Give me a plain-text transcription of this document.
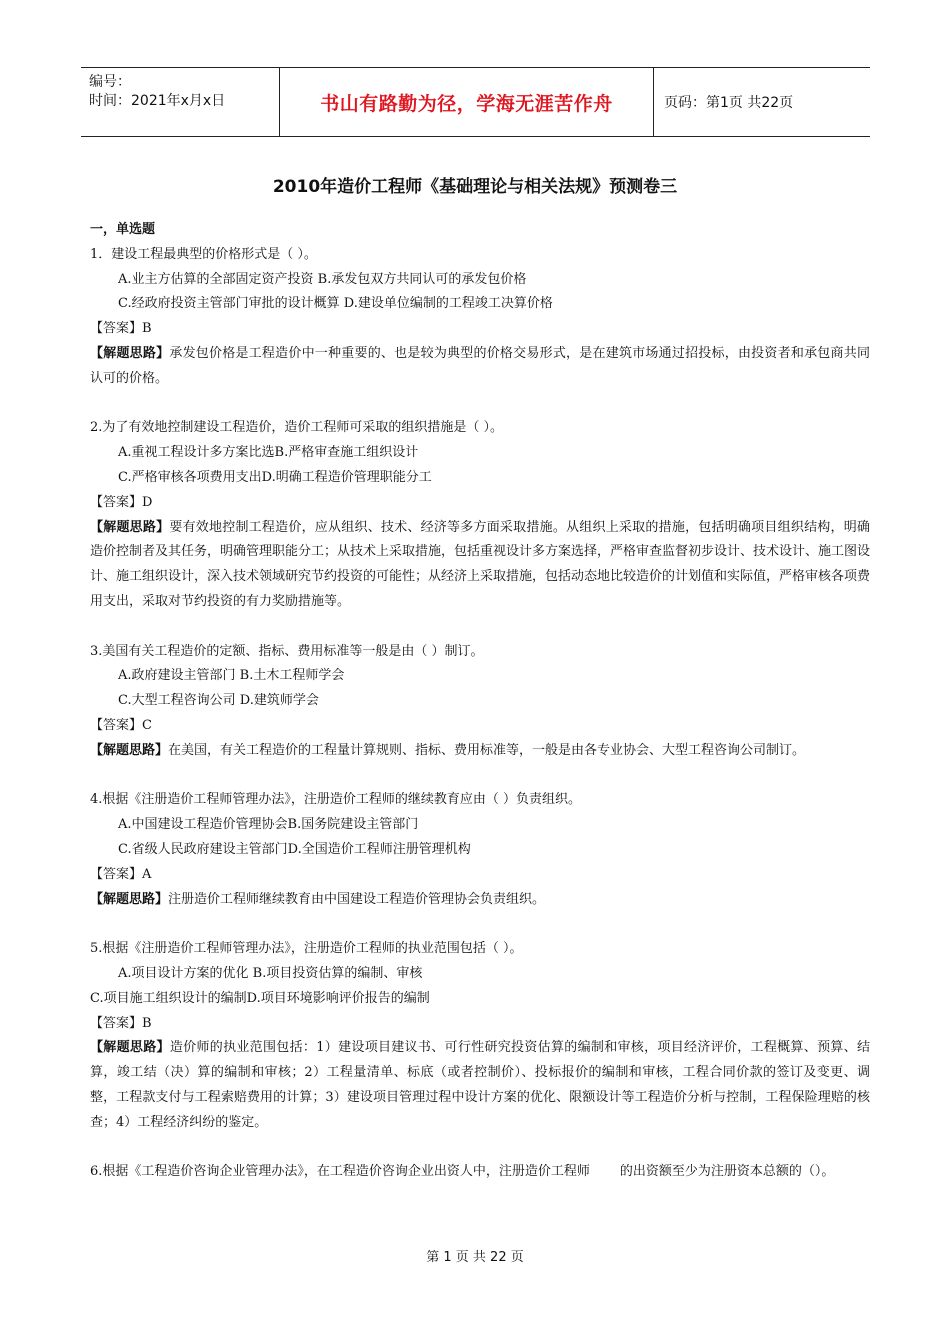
编号：
时间：2021年x月x日	书山有路勤为径，学海无涯苦作舟	页码：第1页 共22页
2010年造价工程师《基础理论与相关法规》预测卷三
一，单选题
1．建设工程最典型的价格形式是（ ）。
A.业主方估算的全部固定资产投资 B.承发包双方共同认可的承发包价格
C.经政府投资主管部门审批的设计概算 D.建设单位编制的工程竣工决算价格
【答案】B
【解题思路】承发包价格是工程造价中一种重要的、也是较为典型的价格交易形式，是在建筑市场通过招投标，由投资者和承包商共同认可的价格。
2.为了有效地控制建设工程造价，造价工程师可采取的组织措施是（ ）。
A.重视工程设计多方案比选B.严格审查施工组织设计
C.严格审核各项费用支出D.明确工程造价管理职能分工
【答案】D
【解题思路】要有效地控制工程造价，应从组织、技术、经济等多方面采取措施。从组织上采取的措施，包括明确项目组织结构，明确造价控制者及其任务，明确管理职能分工；从技术上采取措施，包括重视设计多方案选择，严格审查监督初步设计、技术设计、施工图设计、施工组织设计，深入技术领域研究节约投资的可能性；从经济上采取措施，包括动态地比较造价的计划值和实际值，严格审核各项费用支出，采取对节约投资的有力奖励措施等。
3.美国有关工程造价的定额、指标、费用标准等一般是由（ ）制订。
A.政府建设主管部门 B.土木工程师学会
C.大型工程咨询公司 D.建筑师学会
【答案】C
【解题思路】在美国，有关工程造价的工程量计算规则、指标、费用标准等，一般是由各专业协会、大型工程咨询公司制订。
4.根据《注册造价工程师管理办法》，注册造价工程师的继续教育应由（ ）负责组织。
A.中国建设工程造价管理协会B.国务院建设主管部门
C.省级人民政府建设主管部门D.全国造价工程师注册管理机构
【答案】A
【解题思路】注册造价工程师继续教育由中国建设工程造价管理协会负责组织。
5.根据《注册造价工程师管理办法》，注册造价工程师的执业范围包括（ ）。
A.项目设计方案的优化 B.项目投资估算的编制、审核
C.项目施工组织设计的编制D.项目环境影响评价报告的编制
【答案】B
【解题思路】造价师的执业范围包括：1）建设项目建议书、可行性研究投资估算的编制和审核，项目经济评价，工程概算、预算、结算，竣工结（决）算的编制和审核；2）工程量清单、标底（或者控制价）、投标报价的编制和审核，工程合同价款的签订及变更、调整，工程款支付与工程索赔费用的计算；3）建设项目管理过程中设计方案的优化、限额设计等工程造价分析与控制，工程保险理赔的核查；4）工程经济纠纷的鉴定。
6.根据《工程造价咨询企业管理办法》，在工程造价咨询企业出资人中，注册造价工程师 的出资额至少为注册资本总额的（）。
第 1 页 共 22 页
